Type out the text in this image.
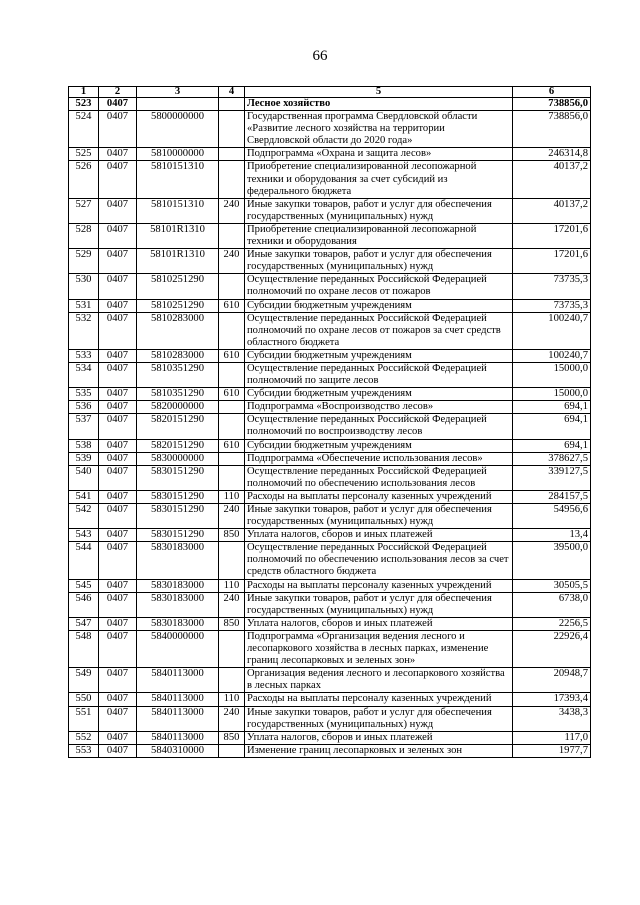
66
1	2	3	4	5	6
523	0407			Лесное хозяйство	738856,0
524	0407	5800000000		Государственная программа Свердловской области «Развитие лесного хозяйства на территории Свердловской области до 2020 года»	738856,0
525	0407	5810000000		Подпрограмма «Охрана и защита лесов»	246314,8
526	0407	5810151310		Приобретение специализированной лесопожарной техники и оборудования за счет субсидий из федерального бюджета	40137,2
527	0407	5810151310	240	Иные закупки товаров, работ и услуг для обеспечения государственных (муниципальных) нужд	40137,2
528	0407	58101R1310		Приобретение специализированной лесопожарной техники и оборудования	17201,6
529	0407	58101R1310	240	Иные закупки товаров, работ и услуг для обеспечения государственных (муниципальных) нужд	17201,6
530	0407	5810251290		Осуществление переданных Российской Федерацией полномочий по охране лесов от пожаров	73735,3
531	0407	5810251290	610	Субсидии бюджетным учреждениям	73735,3
532	0407	5810283000		Осуществление переданных Российской Федерацией полномочий по охране лесов от пожаров за счет средств областного бюджета	100240,7
533	0407	5810283000	610	Субсидии бюджетным учреждениям	100240,7
534	0407	5810351290		Осуществление переданных Российской Федерацией полномочий по защите лесов	15000,0
535	0407	5810351290	610	Субсидии бюджетным учреждениям	15000,0
536	0407	5820000000		Подпрограмма «Воспроизводство лесов»	694,1
537	0407	5820151290		Осуществление переданных Российской Федерацией полномочий по воспроизводству лесов	694,1
538	0407	5820151290	610	Субсидии бюджетным учреждениям	694,1
539	0407	5830000000		Подпрограмма «Обеспечение использования лесов»	378627,5
540	0407	5830151290		Осуществление переданных Российской Федерацией полномочий по обеспечению использования лесов	339127,5
541	0407	5830151290	110	Расходы на выплаты персоналу казенных учреждений	284157,5
542	0407	5830151290	240	Иные закупки товаров, работ и услуг для обеспечения государственных (муниципальных) нужд	54956,6
543	0407	5830151290	850	Уплата налогов, сборов и иных платежей	13,4
544	0407	5830183000		Осуществление переданных Российской Федерацией полномочий по обеспечению использования лесов за счет средств областного бюджета	39500,0
545	0407	5830183000	110	Расходы на выплаты персоналу казенных учреждений	30505,5
546	0407	5830183000	240	Иные закупки товаров, работ и услуг для обеспечения государственных (муниципальных) нужд	6738,0
547	0407	5830183000	850	Уплата налогов, сборов и иных платежей	2256,5
548	0407	5840000000		Подпрограмма «Организация ведения лесного и лесопаркового хозяйства в лесных парках, изменение границ лесопарковых и зеленых зон»	22926,4
549	0407	5840113000		Организация ведения лесного и лесопаркового хозяйства в лесных парках	20948,7
550	0407	5840113000	110	Расходы на выплаты персоналу казенных учреждений	17393,4
551	0407	5840113000	240	Иные закупки товаров, работ и услуг для обеспечения государственных (муниципальных) нужд	3438,3
552	0407	5840113000	850	Уплата налогов, сборов и иных платежей	117,0
553	0407	5840310000		Изменение границ лесопарковых и зеленых зон	1977,7
